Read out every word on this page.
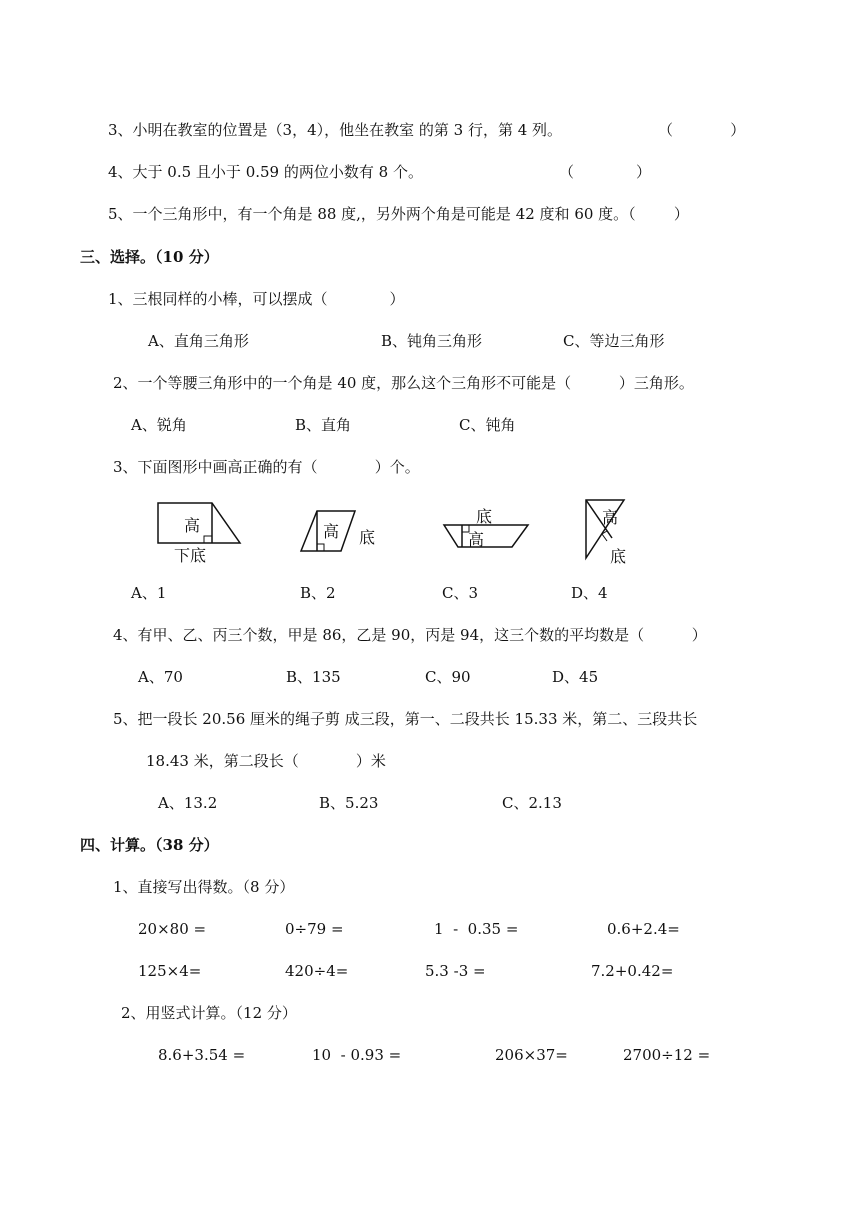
3、小明在教室的位置是（3，4），他坐在教室 的第 3 行，第 4 列。	（            ）
4、大于 0.5 且小于 0.59 的两位小数有 8 个。	（             ）
5、一个三角形中，有一个角是 88 度,，另外两个角是可能是 42 度和 60 度。（        ）
三、选择。（10 分）
1、三根同样的小棒，可以摆成（             ）
A、直角三角形	B、钝角三角形	C、等边三角形
2、一个等腰三角形中的一个角是 40 度，那么这个三角形不可能是（          ）三角形。
A、锐角	B、直角	C、钝角
3、下面图形中画高正确的有（            ）个。
高
下底
高 底
底
高
高
底
A、1	B、2	C、3	D、4
4、有甲、乙、丙三个数，甲是 86，乙是 90，丙是 94，这三个数的平均数是（          ）
A、70	B、135	C、90	D、45
5、把一段长 20.56 厘米的绳子剪 成三段，第一、二段共长 15.33 米，第二、三段共长
18.43 米，第二段长（            ）米
A、13.2	B、5.23	C、2.13
四、计算。（38 分）
1、直接写出得数。（8 分）
20×80 =	0÷79 =	1  -  0.35 =	0.6+2.4=
125×4=	420÷4=	5.3 -3 =	7.2+0.42=
2、用竖式计算。（12 分）
8.6+3.54 =	10  - 0.93 =	206×37=	2700÷12 =
